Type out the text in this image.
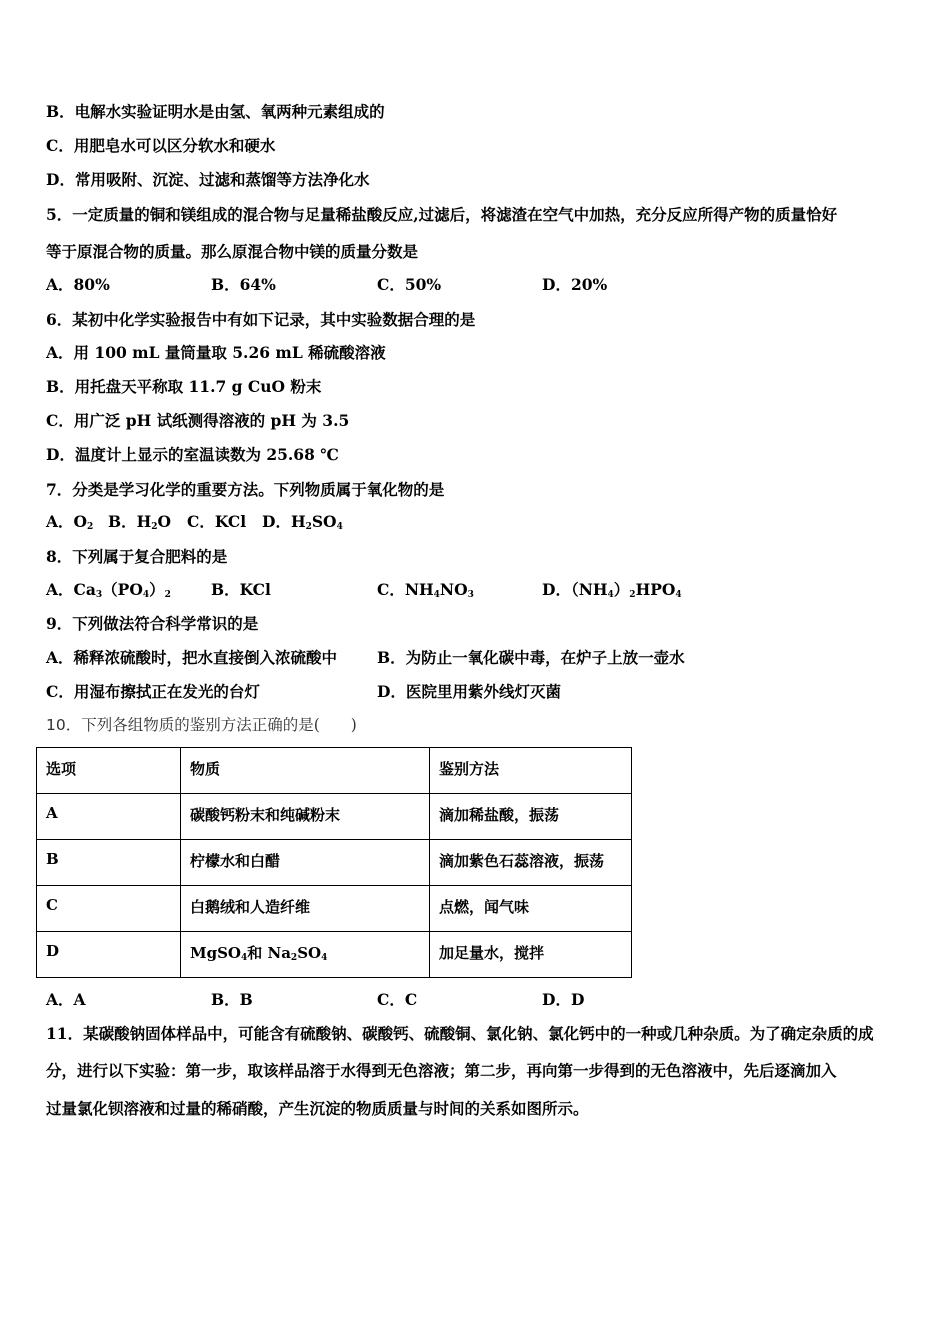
B．电解水实验证明水是由氢、氧两种元素组成的
C．用肥皂水可以区分软水和硬水
D．常用吸附、沉淀、过滤和蒸馏等方法净化水
5．一定质量的铜和镁组成的混合物与足量稀盐酸反应,过滤后，将滤渣在空气中加热，充分反应所得产物的质量恰好
等于原混合物的质量。那么原混合物中镁的质量分数是
A．80%	B．64%	C．50%	D．20%
6．某初中化学实验报告中有如下记录，其中实验数据合理的是
A．用 100 mL 量筒量取 5.26 mL 稀硫酸溶液
B．用托盘天平称取 11.7 g CuO 粉末
C．用广泛 pH 试纸测得溶液的 pH 为 3.5
D．温度计上显示的室温读数为 25.68 ℃
7．分类是学习化学的重要方法。下列物质属于氧化物的是
A．$O_2$ B．$H_2O$ C．KCl D．$H_2SO_4$
8．下列属于复合肥料的是
A．$Ca_3(PO_4)_2$	B．KCl	C．$NH_4NO_3$	D．$(NH_4)_2HPO_4$
9．下列做法符合科学常识的是
A．稀释浓硫酸时，把水直接倒入浓硫酸中	B．为防止一氧化碳中毒，在炉子上放一壶水
C．用湿布擦拭正在发光的台灯	D．医院里用紫外线灯灭菌
10．下列各组物质的鉴别方法正确的是(　　)
选项	物质	鉴别方法
A	碳酸钙粉末和纯碱粉末	滴加稀盐酸，振荡
B	柠檬水和白醋	滴加紫色石蕊溶液，振荡
C	白鹅绒和人造纤维	点燃，闻气味
D	MgSO$_4$和 $Na_2SO_4$	加足量水，搅拌
A．A	B．B	C．C	D．D
11．某碳酸钠固体样品中，可能含有硫酸钠、碳酸钙、硫酸铜、氯化钠、氯化钙中的一种或几种杂质。为了确定杂质的成
分，进行以下实验：第一步，取该样品溶于水得到无色溶液；第二步，再向第一步得到的无色溶液中，先后逐滴加入
过量氯化钡溶液和过量的稀硝酸，产生沉淀的物质质量与时间的关系如图所示。
